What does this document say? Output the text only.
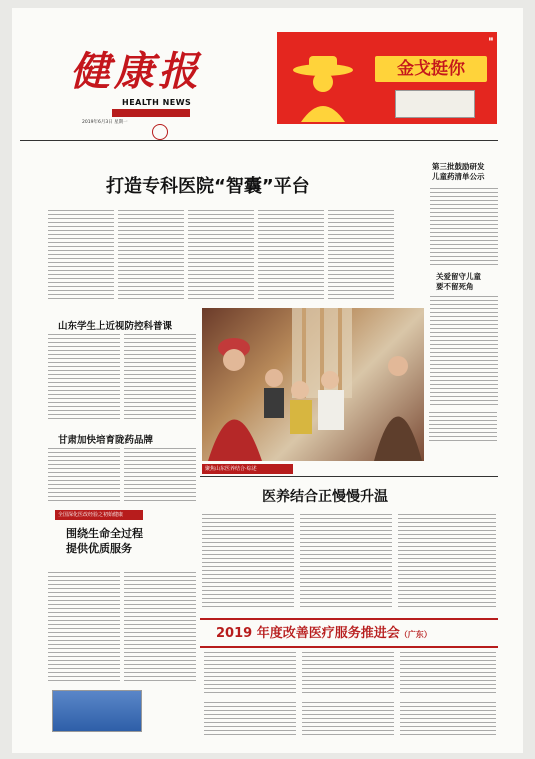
健康报
HEALTH NEWS
2019年6月3日 星期一
▮▮
金戈挺你
打造专科医院“智囊”平台
第三批鼓励研发
儿童药清单公示
关爱留守儿童
要不留死角
山东学生上近视防控科普课
甘肃加快培育陇药品牌
全国深化医改经验之初始健康
围绕生命全过程
提供优质服务
聚焦山东医养结合·综述
医养结合正慢慢升温
2019 年度改善医疗服务推进会（广东）
